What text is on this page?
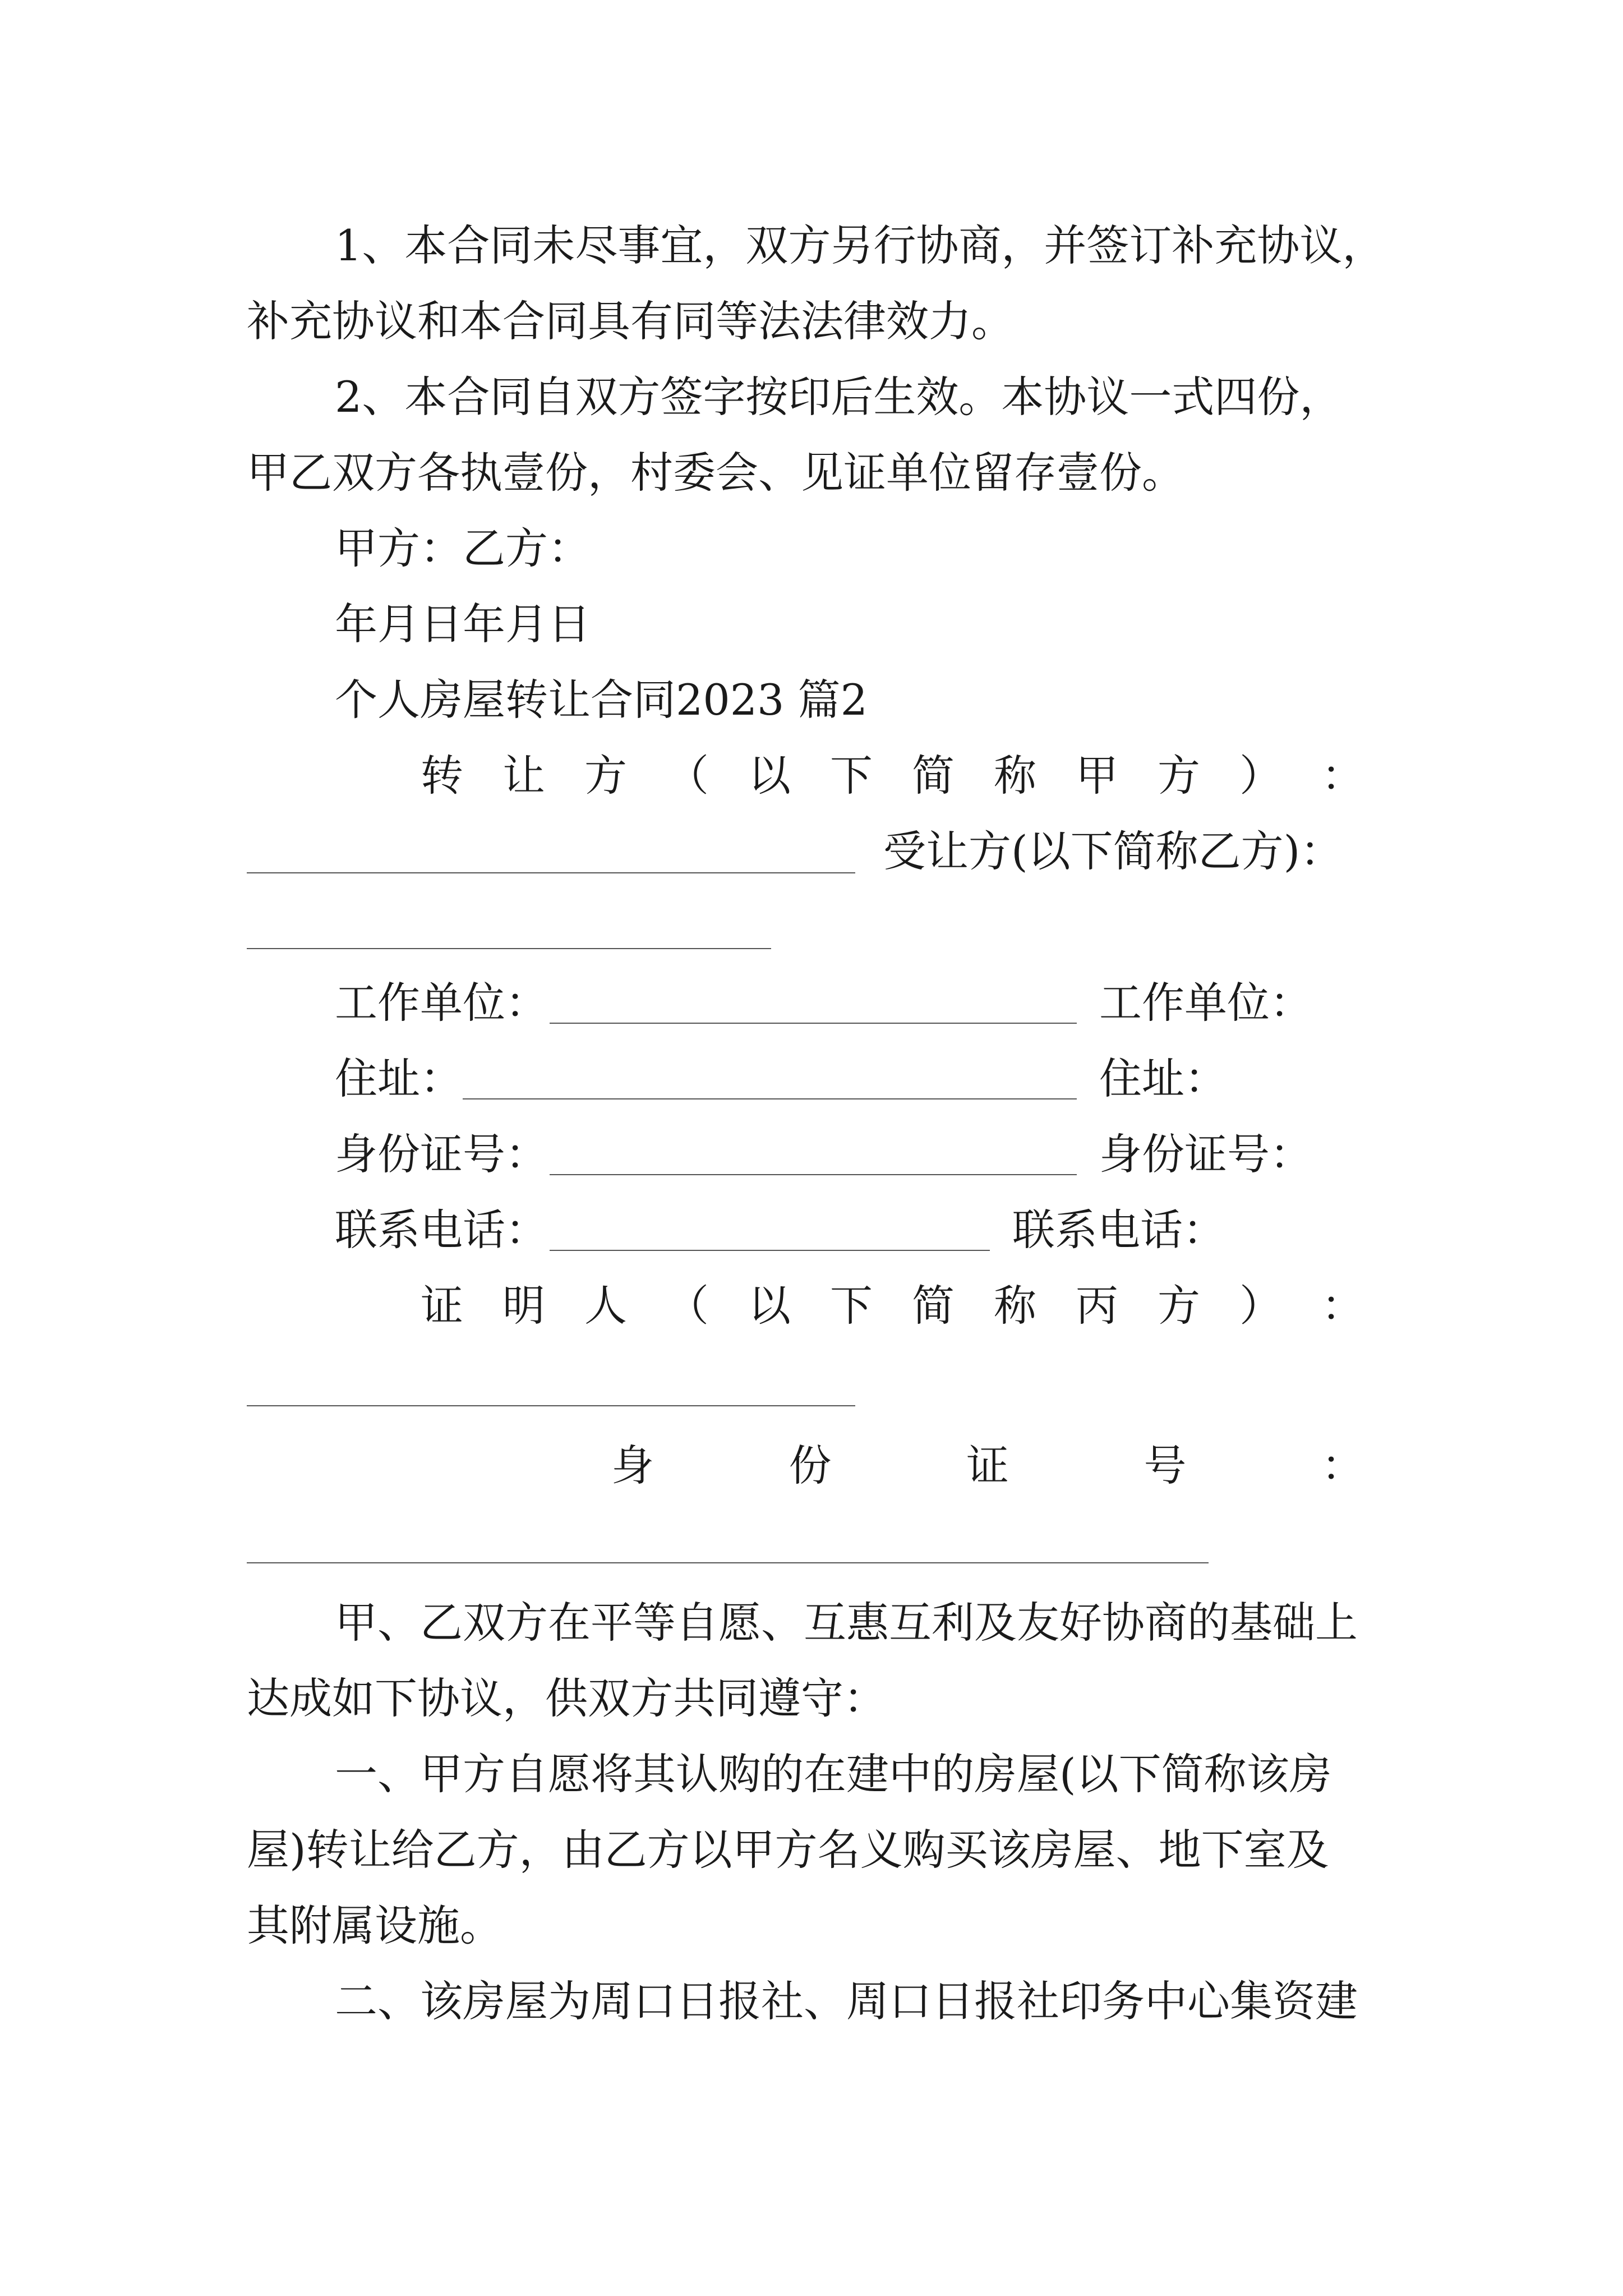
1、本合同未尽事宜，双方另行协商，并签订补充协议，
补充协议和本合同具有同等法法律效力。
2、本合同自双方签字按印后生效。本协议一式四份，
甲乙双方各执壹份，村委会、见证单位留存壹份。
甲方：乙方：
年月日年月日
个人房屋转让合同2023 篇2
转 让 方 （ 以 下 简 称 甲 方 ） ：
受让方(以下简称乙方)：
工作单位：	工作单位：
住址：	住址：
身份证号：	身份证号：
联系电话：	联系电话：
证 明 人 （ 以 下 简 称 丙 方 ） ：
身	份	证	号	：
甲、乙双方在平等自愿、互惠互利及友好协商的基础上
达成如下协议，供双方共同遵守：
一、甲方自愿将其认购的在建中的房屋(以下简称该房
屋)转让给乙方，由乙方以甲方名义购买该房屋、地下室及
其附属设施。
二、该房屋为周口日报社、周口日报社印务中心集资建
